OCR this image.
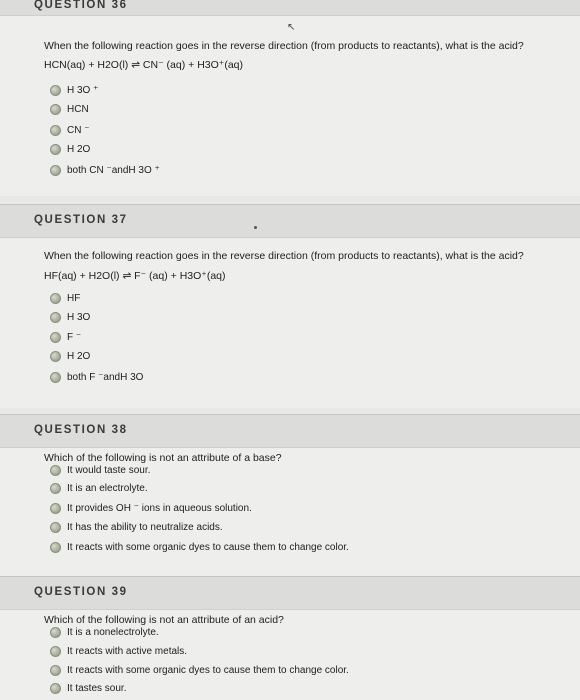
QUESTION 36
↖
When the following reaction goes in the reverse direction (from products to reactants), what is the acid?
HCN(aq) + H2O(l) ⇌ CN⁻ (aq) + H3O⁺(aq)
H 3O ⁺
HCN
CN ⁻
H 2O
both CN ⁻andH 3O ⁺
QUESTION 37
When the following reaction goes in the reverse direction (from products to reactants), what is the acid?
HF(aq) + H2O(l) ⇌ F⁻ (aq) + H3O⁺(aq)
HF
H 3O
F ⁻
H 2O
both F ⁻andH 3O
QUESTION 38
Which of the following is not an attribute of a base?
It would taste sour.
It is an electrolyte.
It provides OH ⁻ ions in aqueous solution.
It has the ability to neutralize acids.
It reacts with some organic dyes to cause them to change color.
QUESTION 39
Which of the following is not an attribute of an acid?
It is a nonelectrolyte.
It reacts with active metals.
It reacts with some organic dyes to cause them to change color.
It tastes sour.
